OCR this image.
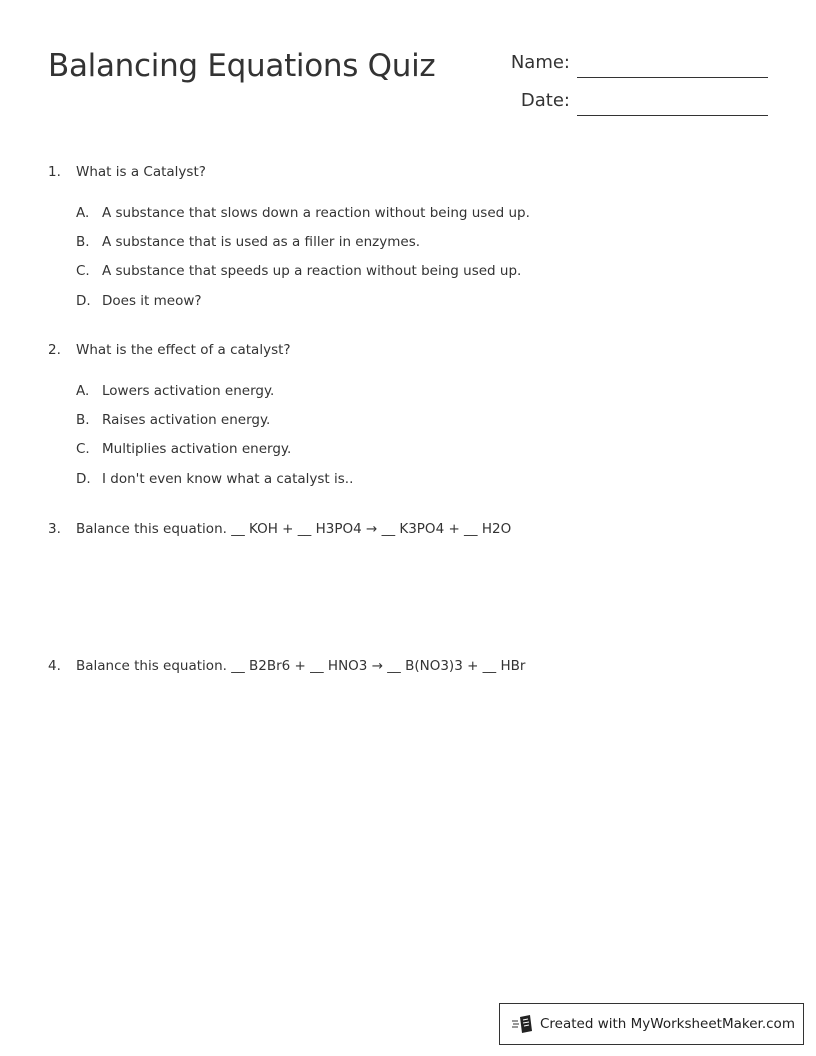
Balancing Equations Quiz	Name:
Date:
1. What is a Catalyst?
A. A substance that slows down a reaction without being used up.
B. A substance that is used as a filler in enzymes.
C. A substance that speeds up a reaction without being used up.
D. Does it meow?
2. What is the effect of a catalyst?
A. Lowers activation energy.
B. Raises activation energy.
C. Multiplies activation energy.
D. I don't even know what a catalyst is..
3. Balance this equation. __ KOH + __ H3PO4 → __ K3PO4 + __ H2O
4. Balance this equation. __ B2Br6 + __ HNO3 → __ B(NO3)3 + __ HBr
Created with MyWorksheetMaker.com
